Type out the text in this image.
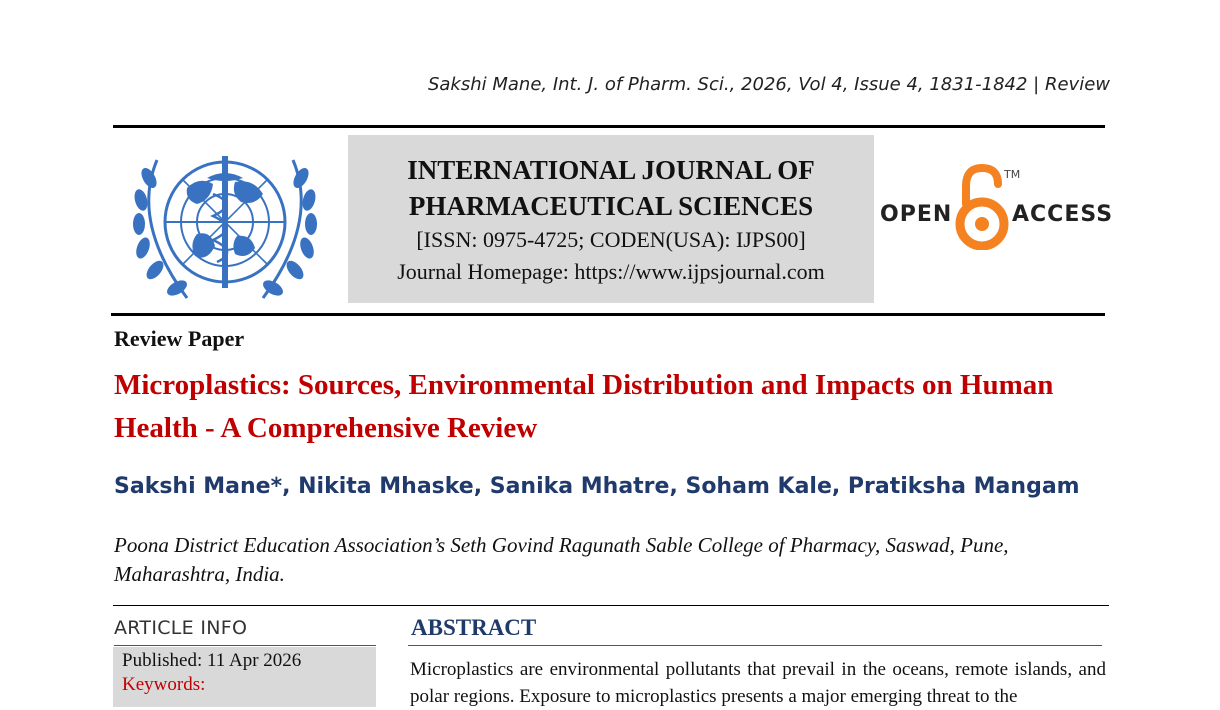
Sakshi Mane, Int. J. of Pharm. Sci., 2026, Vol 4, Issue 4, 1831-1842 | Review
INTERNATIONAL JOURNAL OF
PHARMACEUTICAL SCIENCES
[ISSN: 0975-4725; CODEN(USA): IJPS00]
Journal Homepage: https://www.ijpsjournal.com
OPEN
TM
ACCESS
Review Paper
Microplastics: Sources, Environmental Distribution and Impacts on Human Health - A Comprehensive Review
Sakshi Mane*, Nikita Mhaske, Sanika Mhatre, Soham Kale, Pratiksha Mangam
Poona District Education Association’s Seth Govind Ragunath Sable College of Pharmacy, Saswad, Pune, Maharashtra, India.
ARTICLE INFO
Published: 11 Apr 2026
Keywords:
ABSTRACT
Microplastics are environmental pollutants that prevail in the oceans, remote islands, and polar regions. Exposure to microplastics presents a major emerging threat to the
